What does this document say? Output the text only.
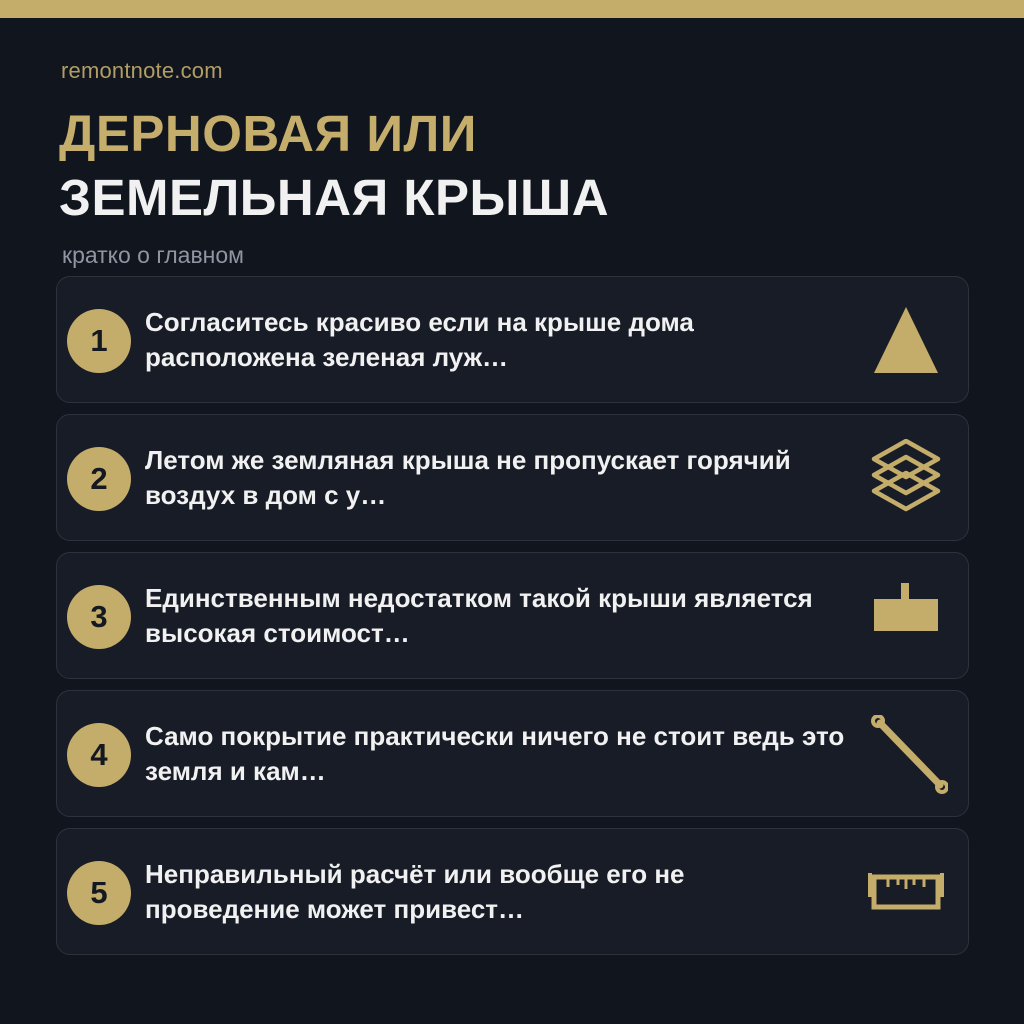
remontnote.com
ДЕРНОВАЯ ИЛИ
ЗЕМЕЛЬНАЯ КРЫША
кратко о главном
1
Согласитесь красиво если на крыше дома расположена зеленая луж…
2
Летом же земляная крыша не пропускает горячий воздух в дом с у…
3
Единственным недостатком такой крыши является высокая стоимост…
4
Само покрытие практически ничего не стоит ведь это земля и кам…
5
Неправильный расчёт или вообще его не проведение может привест…
